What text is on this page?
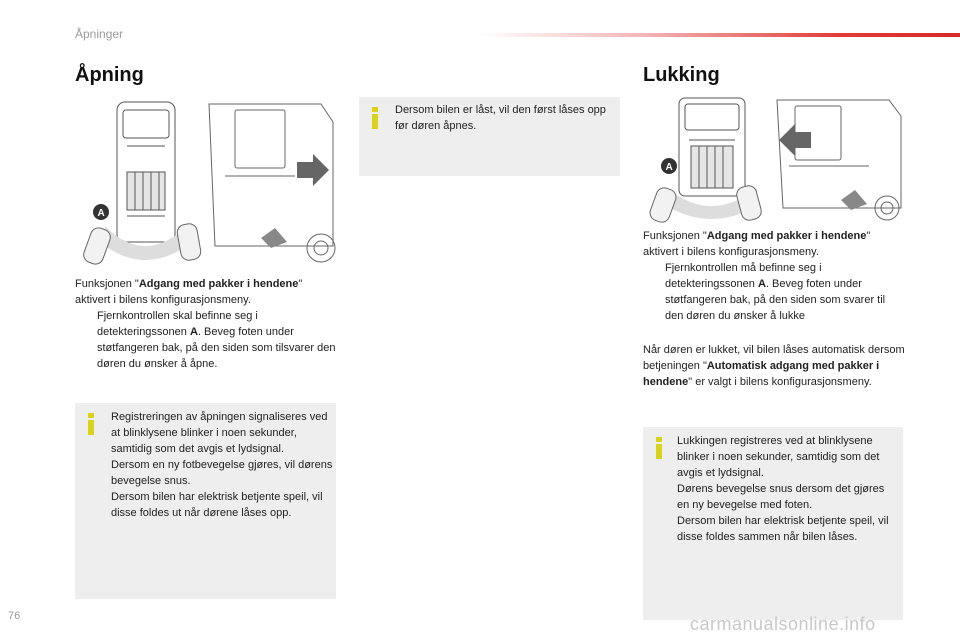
Åpninger
Åpning
A
Funksjonen "Adgang med pakker i hendene" aktivert i bilens konfigurasjonsmeny.
Fjernkontrollen skal befinne seg i detekteringssonen A. Beveg foten under støtfangeren bak, på den siden som tilsvarer den døren du ønsker å åpne.
Registreringen av åpningen signaliseres ved at blinklysene blinker i noen sekunder, samtidig som det avgis et lydsignal.
Dersom en ny fotbevegelse gjøres, vil dørens bevegelse snus.
Dersom bilen har elektrisk betjente speil, vil disse foldes ut når dørene låses opp.
Dersom bilen er låst, vil den først låses opp før døren åpnes.
Lukking
A
Funksjonen "Adgang med pakker i hendene" aktivert i bilens konfigurasjonsmeny.
Fjernkontrollen må befinne seg i detekteringssonen A. Beveg foten under støtfangeren bak, på den siden som svarer til den døren du ønsker å lukke
Når døren er lukket, vil bilen låses automatisk dersom betjeningen "Automatisk adgang med pakker i hendene" er valgt i bilens konfigurasjonsmeny.
Lukkingen registreres ved at blinklysene blinker i noen sekunder, samtidig som det avgis et lydsignal.
Dørens bevegelse snus dersom det gjøres en ny bevegelse med foten.
Dersom bilen har elektrisk betjente speil, vil disse foldes sammen når bilen låses.
76	carmanualsonline.info
